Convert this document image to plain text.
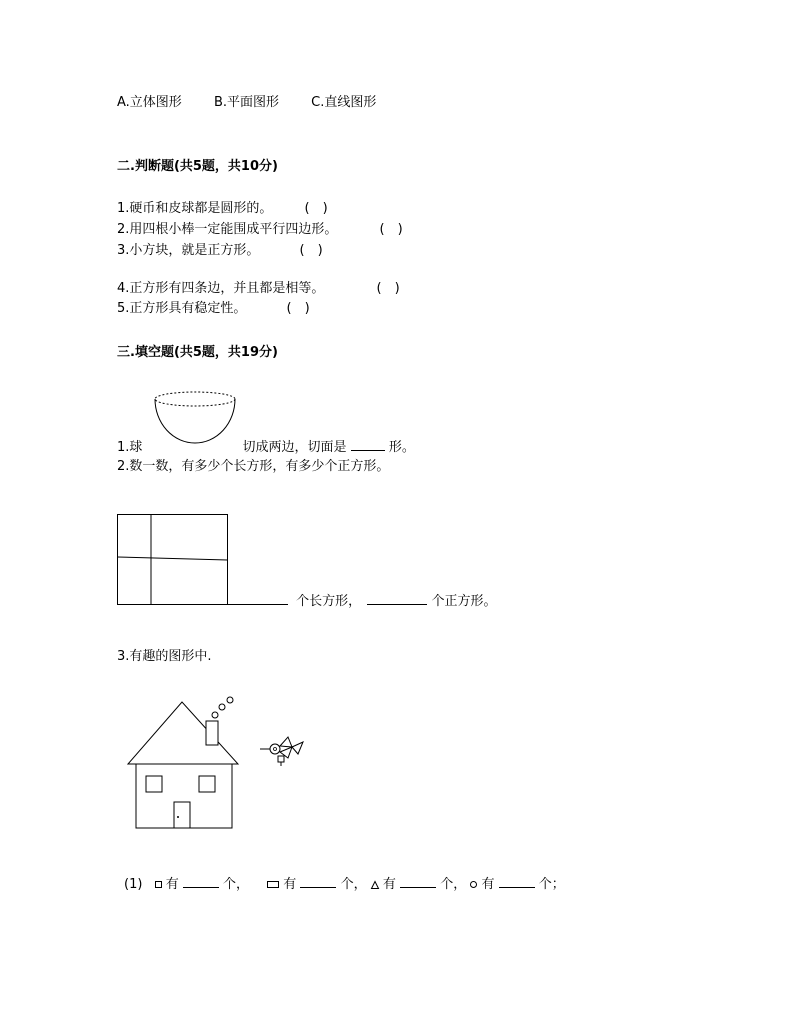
A.立体图形 B.平面图形 C.直线图形
二.判断题(共5题，共10分)
1.硬币和皮球都是圆形的。 (　)
2.用四根小棒一定能围成平行四边形。	(　)
3.小方块，就是正方形。	(　)
4.正方形有四条边，并且都是相等。	(　)
5.正方形具有稳定性。	(　)
三.填空题(共5题，共19分)
1.球	切成两边，切面是	形。
2.数一数，有多少个长方形，有多少个正方形。
个长方形，	个正方形。
3.有趣的图形中.
(1) 有	个，	有	个， 有	个， 有	个；
